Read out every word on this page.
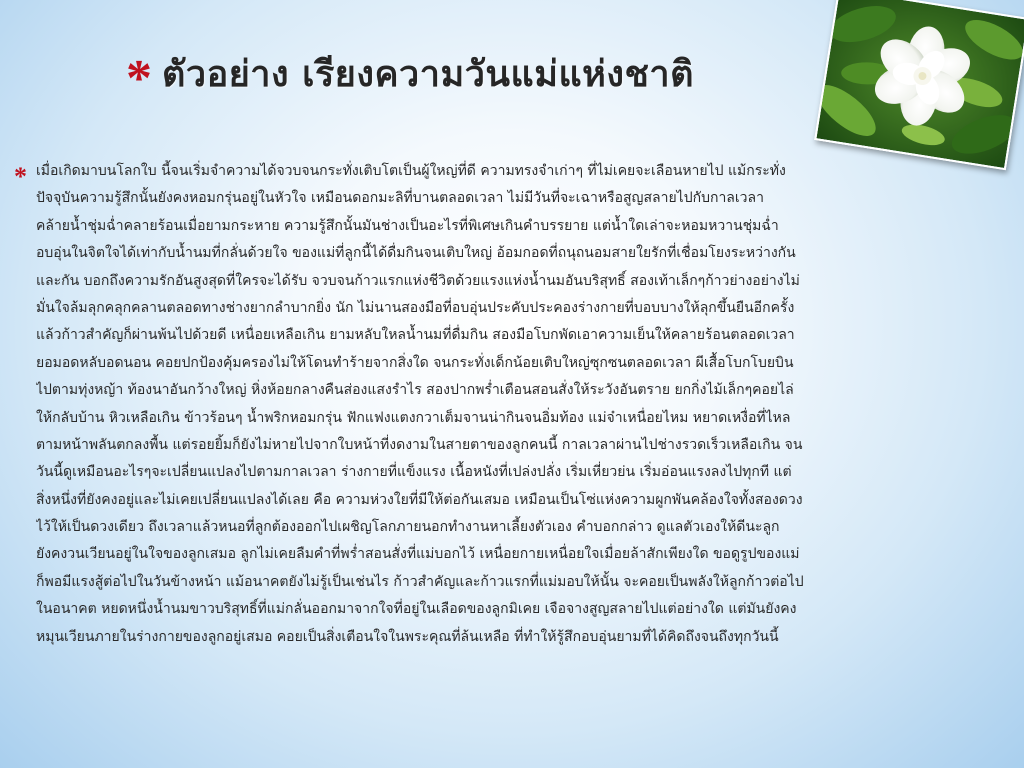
* ตัวอย่าง เรียงความวันแม่แห่งชาติ
* เมื่อเกิดมาบนโลกใบ นี้จนเริ่มจำความได้จวบจนกระทั่งเติบโตเป็นผู้ใหญ่ที่ดี ความทรงจำเก่าๆ ที่ไม่เคยจะเลือนหายไป แม้กระทั่ง
ปัจจุบันความรู้สึกนั้นยังคงหอมกรุ่นอยู่ในหัวใจ เหมือนดอกมะลิที่บานตลอดเวลา ไม่มีวันที่จะเฉาหรือสูญสลายไปกับกาลเวลา
คล้ายน้ำชุ่มฉ่ำคลายร้อนเมื่อยามกระหาย ความรู้สึกนั้นมันช่างเป็นอะไรที่พิเศษเกินคำบรรยาย แต่น้ำใดเล่าจะหอมหวานชุ่มฉ่ำ
อบอุ่นในจิตใจได้เท่ากับน้ำนมที่กลั่นด้วยใจ ของแม่ที่ลูกนี้ได้ดื่มกินจนเติบใหญ่ อ้อมกอดที่ถนุถนอมสายใยรักที่เชื่อมโยงระหว่างกัน
และกัน บอกถึงความรักอันสูงสุดที่ใครจะได้รับ จวบจนก้าวแรกแห่งชีวิตด้วยแรงแห่งน้ำนมอันบริสุทธิ์ สองเท้าเล็กๆก้าวย่างอย่างไม่
มั่นใจล้มลุกคลุกคลานตลอดทางช่างยากลำบากยิ่ง นัก ไม่นานสองมือที่อบอุ่นประคับประคองร่างกายที่บอบบางให้ลุกขึ้นยืนอีกครั้ง
แล้วก้าวสำคัญก็ผ่านพ้นไปด้วยดี เหนื่อยเหลือเกิน ยามหลับใหลน้ำนมที่ดื่มกิน สองมือโบกพัดเอาความเย็นให้คลายร้อนตลอดเวลา
ยอมอดหลับอดนอน คอยปกป้องคุ้มครองไม่ให้โดนทำร้ายจากสิ่งใด จนกระทั่งเด็กน้อยเติบใหญ่ซุกซนตลอดเวลา ผีเสื้อโบกโบยบิน
ไปตามทุ่งหญ้า ท้องนาอันกว้างใหญ่ หิ่งห้อยกลางคืนส่องแสงรำไร สองปากพร่ำเตือนสอนสั่งให้ระวังอันตราย ยกกิ่งไม้เล็กๆคอยไล่
ให้กลับบ้าน หิวเหลือเกิน ข้าวร้อนๆ น้ำพริกหอมกรุ่น ฟักแฟงแตงกวาเต็มจานน่ากินจนอิ่มท้อง แม่จ๋าเหนื่อยไหม หยาดเหงื่อที่ไหล
ตามหน้าพลันตกลงพื้น แต่รอยยิ้มก็ยังไม่หายไปจากใบหน้าที่งดงามในสายตาของลูกคนนี้ กาลเวลาผ่านไปช่างรวดเร็วเหลือเกิน จน
วันนี้ดูเหมือนอะไรๆจะเปลี่ยนแปลงไปตามกาลเวลา ร่างกายที่แข็งแรง เนื้อหนังที่เปล่งปลั่ง เริ่มเหี่ยวย่น เริ่มอ่อนแรงลงไปทุกที แต่
สิ่งหนึ่งที่ยังคงอยู่และไม่เคยเปลี่ยนแปลงได้เลย คือ ความห่วงใยที่มีให้ต่อกันเสมอ เหมือนเป็นโซ่แห่งความผูกพันคล้องใจทั้งสองดวง
ไว้ให้เป็นดวงเดียว ถึงเวลาแล้วหนอที่ลูกต้องออกไปเผชิญโลกภายนอกทำงานหาเลี้ยงตัวเอง คำบอกกล่าว ดูแลตัวเองให้ดีนะลูก
ยังคงวนเวียนอยู่ในใจของลูกเสมอ ลูกไม่เคยลืมคำที่พร่ำสอนสั่งที่แม่บอกไว้ เหนื่อยกายเหนื่อยใจเมื่อยล้าสักเพียงใด ขอดูรูปของแม่
ก็พอมีแรงสู้ต่อไปในวันข้างหน้า แม้อนาคตยังไม่รู้เป็นเช่นไร ก้าวสำคัญและก้าวแรกที่แม่มอบให้นั้น จะคอยเป็นพลังให้ลูกก้าวต่อไป
ในอนาคต หยดหนึ่งน้ำนมขาวบริสุทธิ์ที่แม่กลั่นออกมาจากใจที่อยู่ในเลือดของลูกมิเคย เจือจางสูญสลายไปแต่อย่างใด แต่มันยังคง
หมุนเวียนภายในร่างกายของลูกอยู่เสมอ คอยเป็นสิ่งเตือนใจในพระคุณที่ล้นเหลือ ที่ทำให้รู้สึกอบอุ่นยามที่ได้คิดถึงจนถึงทุกวันนี้
